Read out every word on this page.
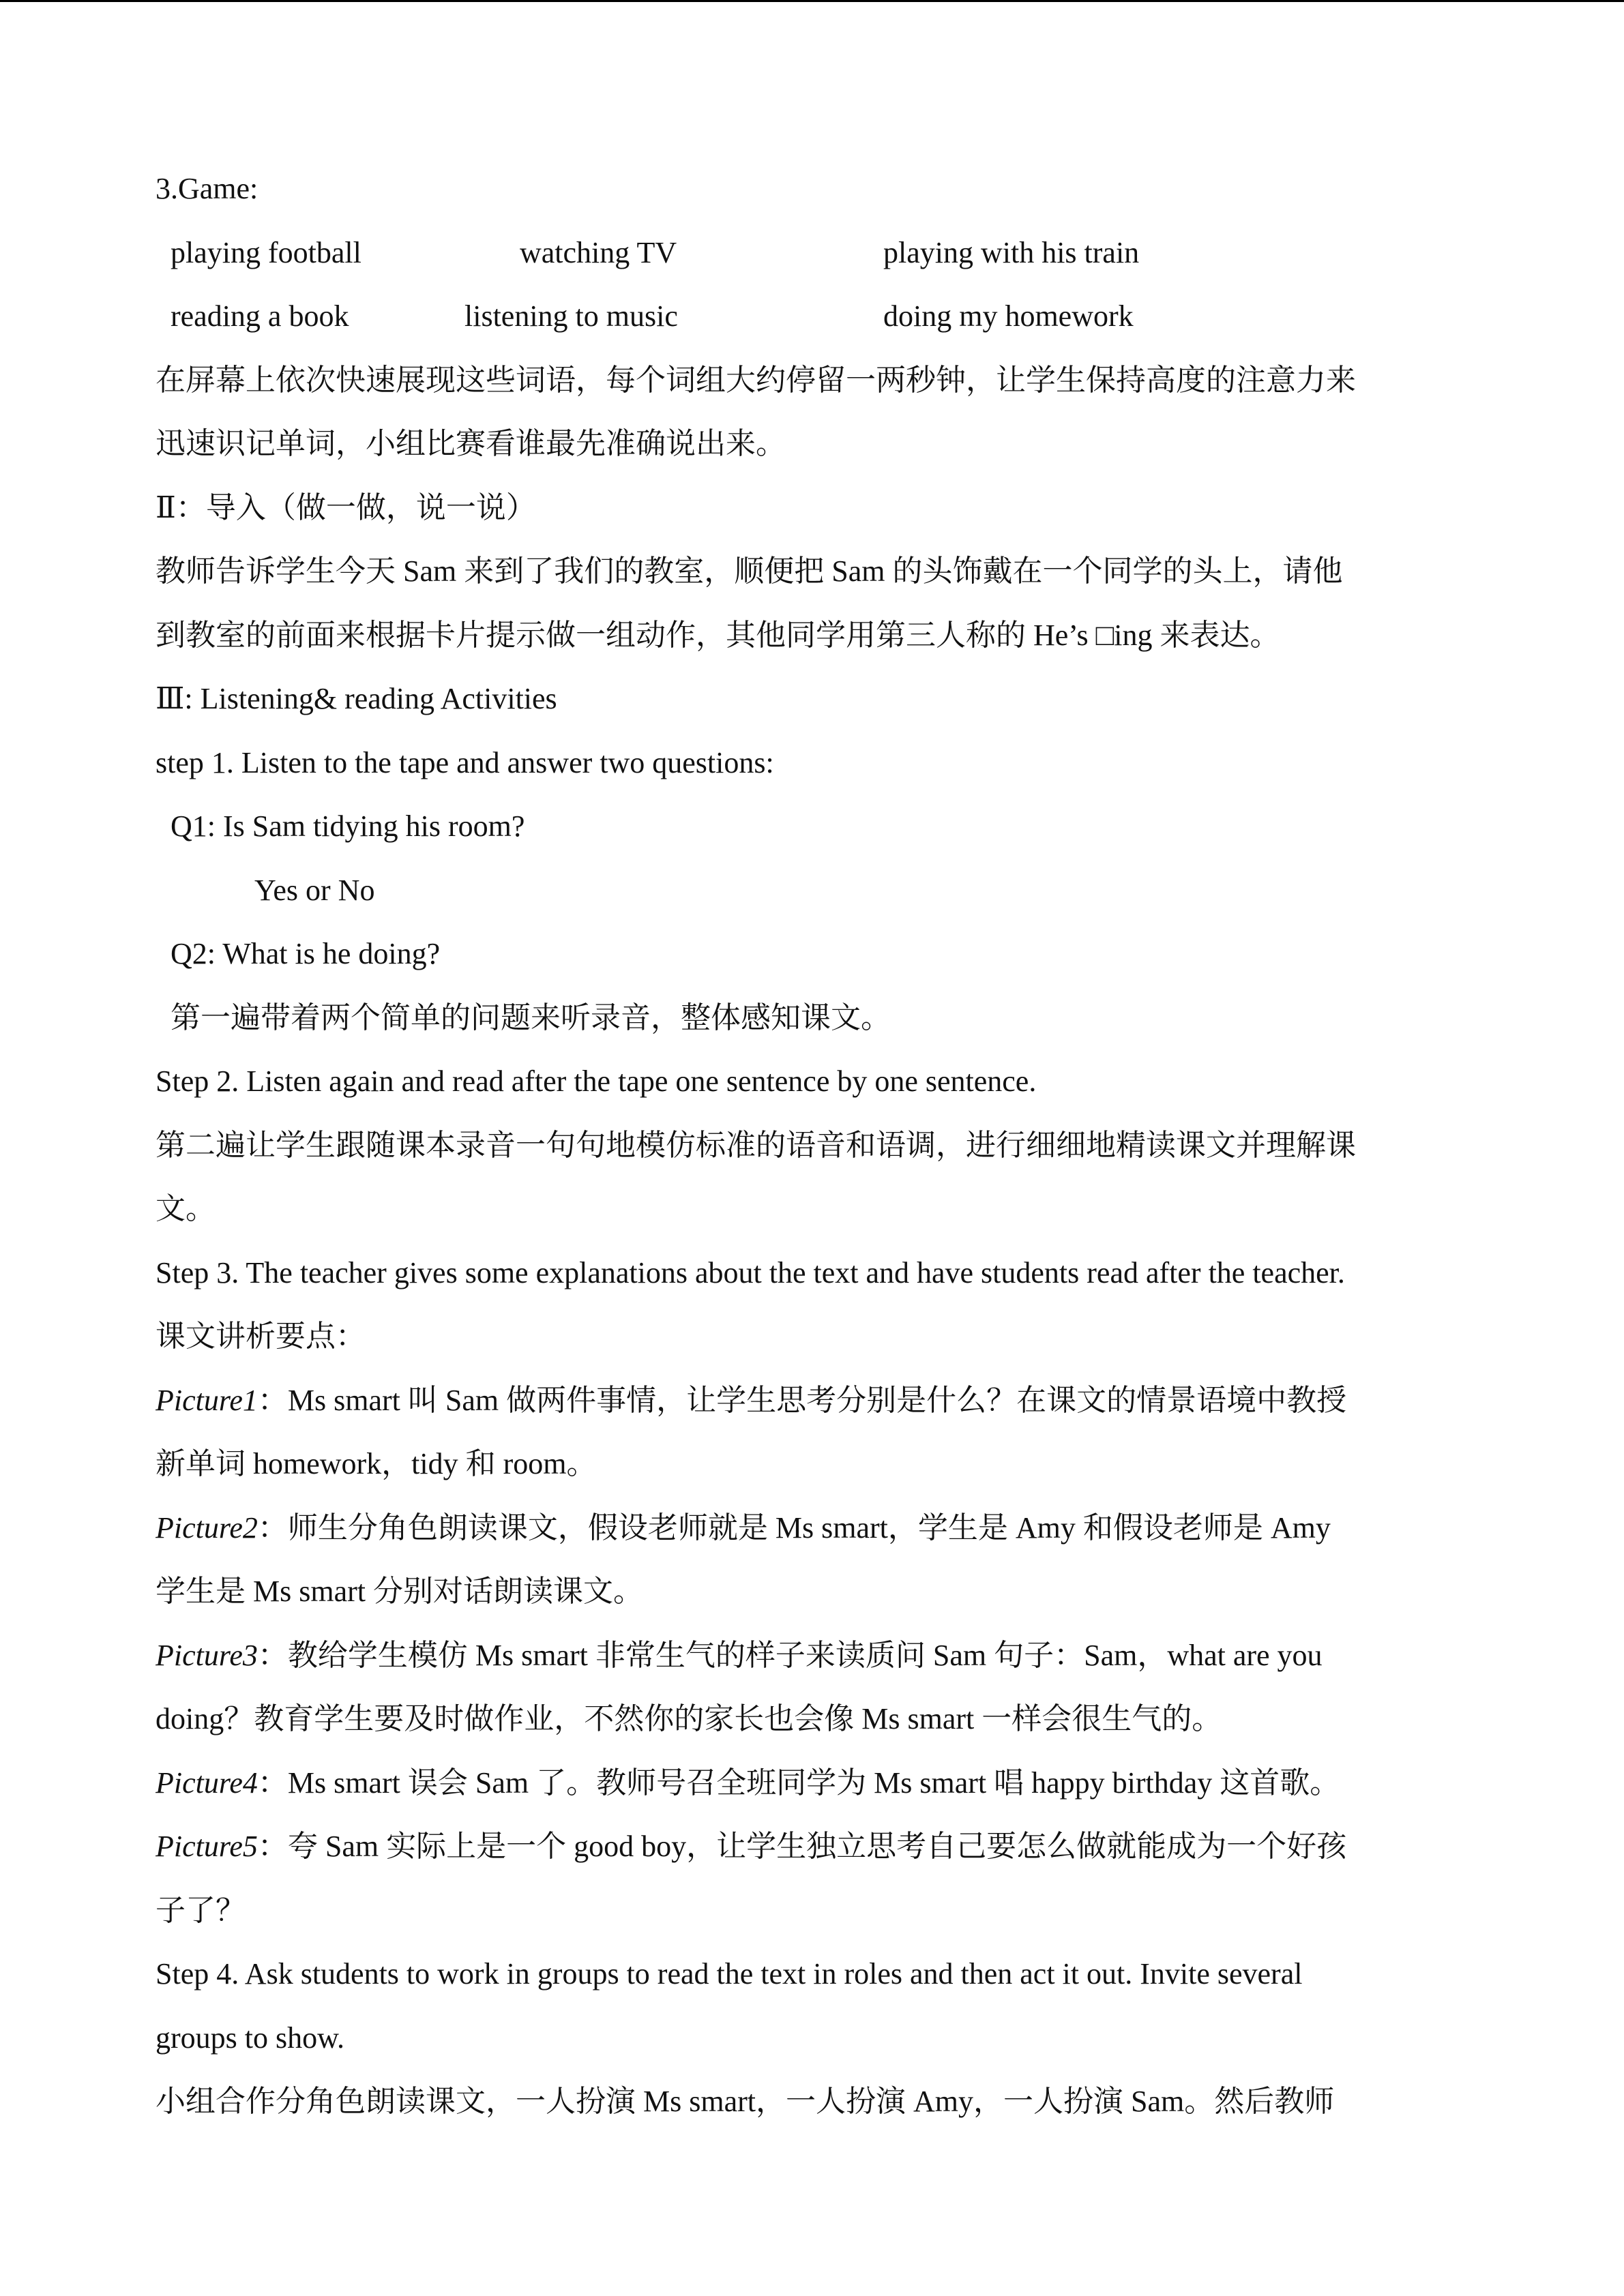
3.Game:
playing football	watching TV	playing with his train
reading a book	listening to music	doing my homework
在屏幕上依次快速展现这些词语，每个词组大约停留一两秒钟，让学生保持高度的注意力来
迅速识记单词，小组比赛看谁最先准确说出来。
Ⅱ：导入（做一做，说一说）
教师告诉学生今天 Sam 来到了我们的教室，顺便把 Sam 的头饰戴在一个同学的头上，请他
到教室的前面来根据卡片提示做一组动作，其他同学用第三人称的 He’s □ing 来表达。
Ⅲ: Listening& reading Activities
step 1. Listen to the tape and answer two questions:
Q1: Is Sam tidying his room?
Yes or No
Q2: What is he doing?
第一遍带着两个简单的问题来听录音，整体感知课文。
Step 2. Listen again and read after the tape one sentence by one sentence.
第二遍让学生跟随课本录音一句句地模仿标准的语音和语调，进行细细地精读课文并理解课
文。
Step 3. The teacher gives some explanations about the text and have students read after the teacher.
课文讲析要点：
Picture1：Ms smart 叫 Sam 做两件事情，让学生思考分别是什么？在课文的情景语境中教授
新单词 homework，tidy 和 room。
Picture2：师生分角色朗读课文，假设老师就是 Ms smart，学生是 Amy 和假设老师是 Amy
学生是 Ms smart 分别对话朗读课文。
Picture3：教给学生模仿 Ms smart 非常生气的样子来读质问 Sam 句子：Sam，what are you
doing？教育学生要及时做作业，不然你的家长也会像 Ms smart 一样会很生气的。
Picture4：Ms smart 误会 Sam 了。教师号召全班同学为 Ms smart 唱 happy birthday 这首歌。
Picture5：夸 Sam 实际上是一个 good boy，让学生独立思考自己要怎么做就能成为一个好孩
子了？
Step 4. Ask students to work in groups to read the text in roles and then act it out. Invite several
groups to show.
小组合作分角色朗读课文，一人扮演 Ms smart，一人扮演 Amy，一人扮演 Sam。然后教师
